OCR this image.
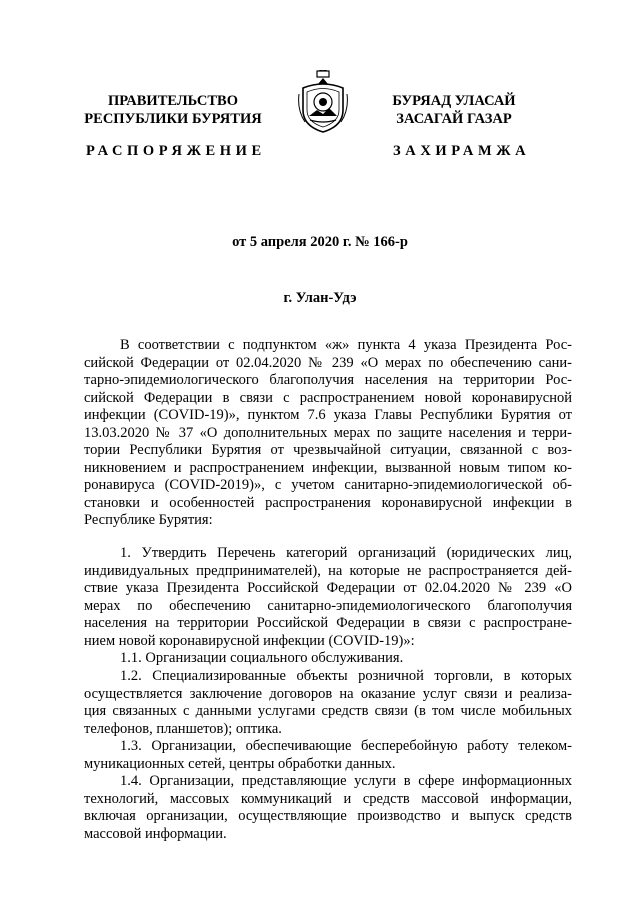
ПРАВИТЕЛЬСТВО
РЕСПУБЛИКИ БУРЯТИЯ
БУРЯАД УЛАСАЙ
ЗАСАГАЙ ГАЗАР
РАСПОРЯЖЕНИЕ	ЗАХИРАМЖА
от 5 апреля 2020 г. № 166-р
г. Улан-Удэ
В соответствии с подпунктом «ж» пункта 4 указа Президента Рос-
сийской Федерации от 02.04.2020 № 239 «О мерах по обеспечению сани-
тарно-эпидемиологического благополучия населения на территории Рос-
сийской Федерации в связи с распространением новой коронавирусной
инфекции (COVID-19)», пунктом 7.6 указа Главы Республики Бурятия от
13.03.2020 № 37 «О дополнительных мерах по защите населения и терри-
тории Республики Бурятия от чрезвычайной ситуации, связанной с воз-
никновением и распространением инфекции, вызванной новым типом ко-
ронавируса (COVID-2019)», с учетом санитарно-эпидемиологической об-
становки и особенностей распространения коронавирусной инфекции в
Республике Бурятия:
1. Утвердить Перечень категорий организаций (юридических лиц,
индивидуальных предпринимателей), на которые не распространяется дей-
ствие указа Президента Российской Федерации от 02.04.2020 № 239 «О
мерах по обеспечению санитарно-эпидемиологического благополучия
населения на территории Российской Федерации в связи с распростране-
нием новой коронавирусной инфекции (COVID-19)»:
1.1. Организации социального обслуживания.
1.2. Специализированные объекты розничной торговли, в которых
осуществляется заключение договоров на оказание услуг связи и реализа-
ция связанных с данными услугами средств связи (в том числе мобильных
телефонов, планшетов); оптика.
1.3. Организации, обеспечивающие бесперебойную работу телеком-
муникационных сетей, центры обработки данных.
1.4. Организации, представляющие услуги в сфере информационных
технологий, массовых коммуникаций и средств массовой информации,
включая организации, осуществляющие производство и выпуск средств
массовой информации.
